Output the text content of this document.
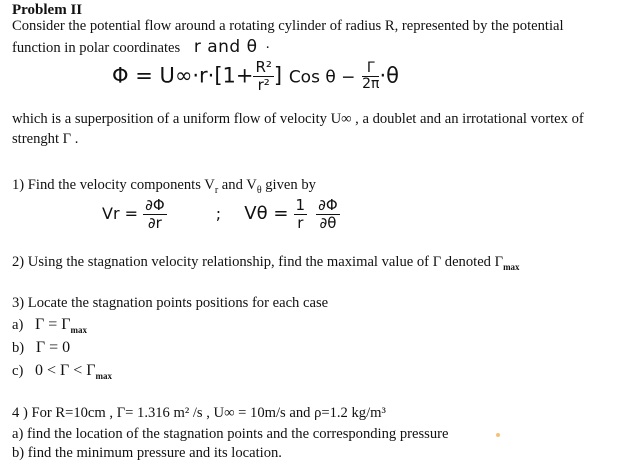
Problem II
Consider the potential flow around a rotating cylinder of radius R, represented by the potential
function in polar coordinates r and θ ·
$\Phi = U\infty\cdot r\cdot[1+ \frac{\text{R²}}{\text{r²}}$ ] Cos $\theta - \frac{\Gamma}{2\pi} \cdot\theta$
which is a superposition of a uniform flow of velocity U∞ , a doublet and an irrotational vortex of
strenght Γ .
1) Find the velocity components $V_r$ and $V_\theta$ given by
$Vr = \frac{\partial\Phi}{\partial r}$	; $V\theta = \frac{1}{r}$
$\frac{\partial\Phi}{\partial\theta}$
2) Using the stagnation velocity relationship, find the maximal value of Γ denoted $\Gamma_{max}$
3) Locate the stagnation points positions for each case
a) $\Gamma = \Gamma_{max}$
b) Γ = 0
c) $0 < \Gamma < \Gamma_{max}$
4 ) For R=10cm , Γ= 1.316 m² /s , U∞ = 10m/s and ρ=1.2 kg/m³
a) find the location of the stagnation points and the corresponding pressure
b) find the minimum pressure and its location.
